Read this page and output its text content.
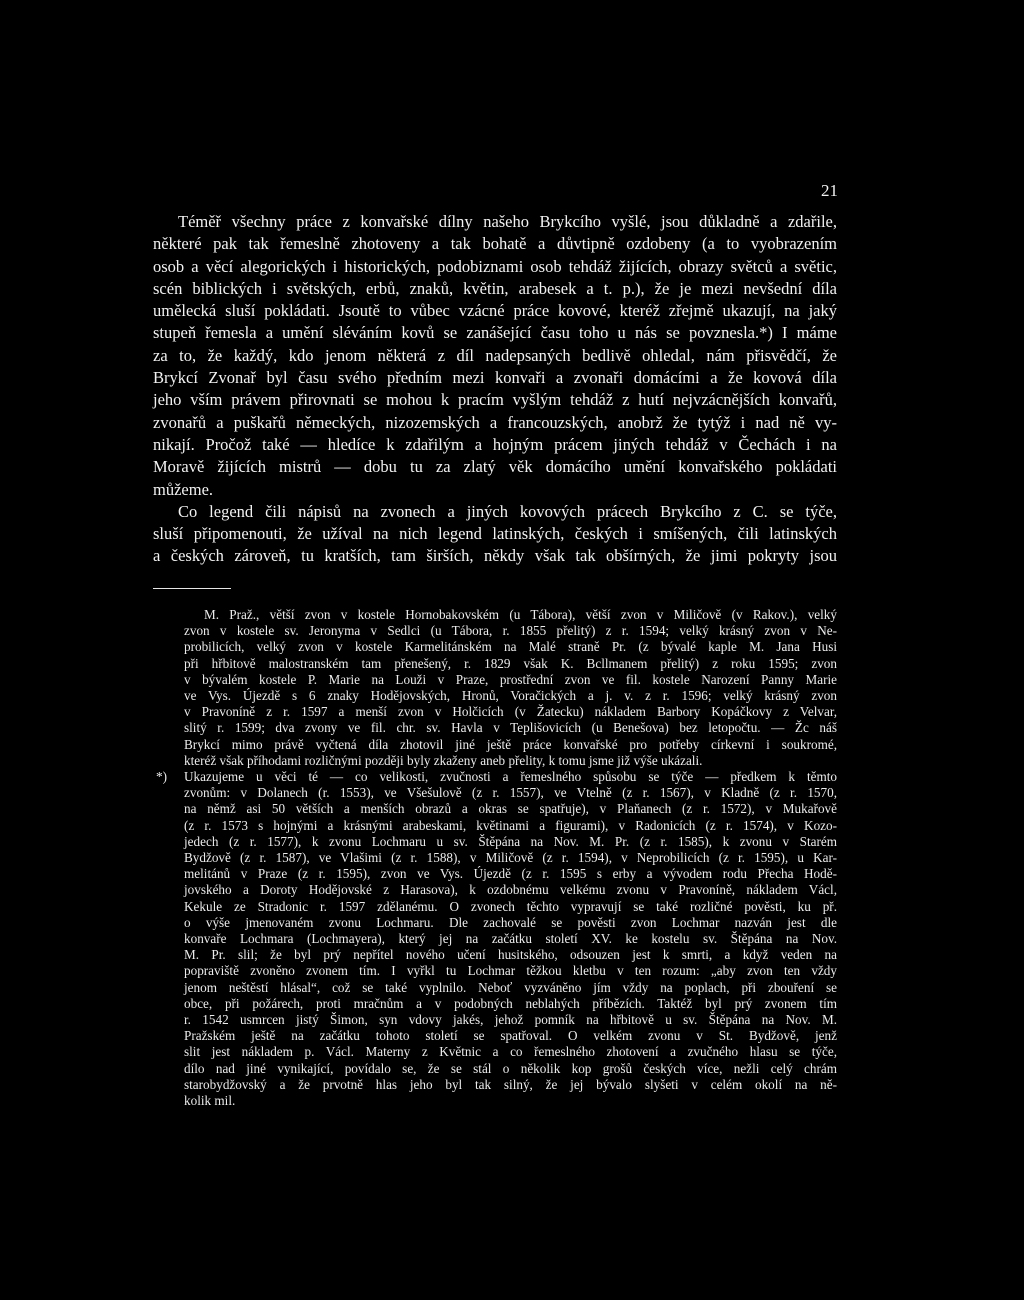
21
Téměř všechny práce z konvařské dílny našeho Brykcího vyšlé, jsou důkladně a zdařile,
některé pak tak řemeslně zhotoveny a tak bohatě a důvtipně ozdobeny (a to vyobrazením
osob a věcí alegorických i historických, podobiznami osob tehdáž žijících, obrazy světců a světic,
scén biblických i světských, erbů, znaků, květin, arabesek a t. p.), že je mezi nevšední díla
umělecká sluší pokládati. Jsoutě to vůbec vzácné práce kovové, kteréž zřejmě ukazují, na jaký
stupeň řemesla a umění sléváním kovů se zanášející času toho u nás se povznesla.*) I máme
za to, že každý, kdo jenom některá z díl nadepsaných bedlivě ohledal, nám přisvědčí, že
Brykcí Zvonař byl času svého předním mezi konvaři a zvonaři domácími a že kovová díla
jeho vším právem přirovnati se mohou k pracím vyšlým tehdáž z hutí nejvzácnějších konvařů,
zvonařů a puškařů německých, nizozemských a francouzských, anobrž že tytýž i nad ně vy-
nikají. Pročož také — hledíce k zdařilým a hojným prácem jiných tehdáž v Čechách i na
Moravě žijících mistrů — dobu tu za zlatý věk domácího umění konvařského pokládati
můžeme.
Co legend čili nápisů na zvonech a jiných kovových prácech Brykcího z C. se týče,
sluší připomenouti, že užíval na nich legend latinských, českých i smíšených, čili latinských
a českých zároveň, tu kratších, tam širších, někdy však tak obšírných, že jimi pokryty jsou
M. Praž., větší zvon v kostele Hornobakovském (u Tábora), větší zvon v Miličově (v Rakov.), velký
zvon v kostele sv. Jeronyma v Sedlci (u Tábora, r. 1855 přelitý) z r. 1594; velký krásný zvon v Ne-
probilicích, velký zvon v kostele Karmelitánském na Malé straně Pr. (z bývalé kaple M. Jana Husi
při hřbitově malostranském tam přenešený, r. 1829 však K. Bcllmanem přelitý) z roku 1595; zvon
v bývalém kostele P. Marie na Louži v Praze, prostřední zvon ve fil. kostele Narození Panny Marie
ve Vys. Újezdě s 6 znaky Hodějovských, Hronů, Voračických a j. v. z r. 1596; velký krásný zvon
v Pravoníně z r. 1597 a menší zvon v Holčicích (v Žatecku) nákladem Barbory Kopáčkovy z Velvar,
slitý r. 1599; dva zvony ve fil. chr. sv. Havla v Teplišovicích (u Benešova) bez letopočtu. — Žc náš
Brykcí mimo právě vyčtená díla zhotovil jiné ještě práce konvařské pro potřeby církevní i soukromé,
kteréž však příhodami rozličnými později byly zkaženy aneb přelity, k tomu jsme již výše ukázali.
*) Ukazujeme u věci té — co velikosti, zvučnosti a řemeslného spůsobu se týče — předkem k těmto
zvonům: v Dolanech (r. 1553), ve Všešulově (z r. 1557), ve Vtelně (z r. 1567), v Kladně (z r. 1570,
na němž asi 50 větších a menších obrazů a okras se spatřuje), v Plaňanech (z r. 1572), v Mukařově
(z r. 1573 s hojnými a krásnými arabeskami, květinami a figurami), v Radonicích (z r. 1574), v Kozo-
jedech (z r. 1577), k zvonu Lochmaru u sv. Štěpána na Nov. M. Pr. (z r. 1585), k zvonu v Starém
Bydžově (z r. 1587), ve Vlašimi (z r. 1588), v Miličově (z r. 1594), v Neprobilicích (z r. 1595), u Kar-
melitánů v Praze (z r. 1595), zvon ve Vys. Újezdě (z r. 1595 s erby a vývodem rodu Přecha Hodě-
jovského a Doroty Hodějovské z Harasova), k ozdobnému velkému zvonu v Pravoníně, nákladem Václ,
Kekule ze Stradonic r. 1597 zdělanému. O zvonech těchto vypravují se také rozličné pověsti, ku př.
o výše jmenovaném zvonu Lochmaru. Dle zachovalé se pověsti zvon Lochmar nazván jest dle
konvaře Lochmara (Lochmayera), který jej na začátku století XV. ke kostelu sv. Štěpána na Nov.
M. Pr. slil; že byl prý nepřítel nového učení husitského, odsouzen jest k smrti, a když veden na
popraviště zvoněno zvonem tím. I vyřkl tu Lochmar těžkou kletbu v ten rozum: „aby zvon ten vždy
jenom neštěstí hlásal“, což se také vyplnilo. Neboť vyzváněno jím vždy na poplach, při zbouření se
obce, při požárech, proti mračnům a v podobných neblahých příbězích. Taktéž byl prý zvonem tím
r. 1542 usmrcen jistý Šimon, syn vdovy jakés, jehož pomník na hřbitově u sv. Štěpána na Nov. M.
Pražském ještě na začátku tohoto století se spatřoval. O velkém zvonu v St. Bydžově, jenž
slit jest nákladem p. Václ. Materny z Květnic a co řemeslného zhotovení a zvučného hlasu se týče,
dílo nad jiné vynikající, povídalo se, že se stál o několik kop grošů českých více, nežli celý chrám
starobydžovský a že prvotně hlas jeho byl tak silný, že jej bývalo slyšeti v celém okolí na ně-
kolik mil.
